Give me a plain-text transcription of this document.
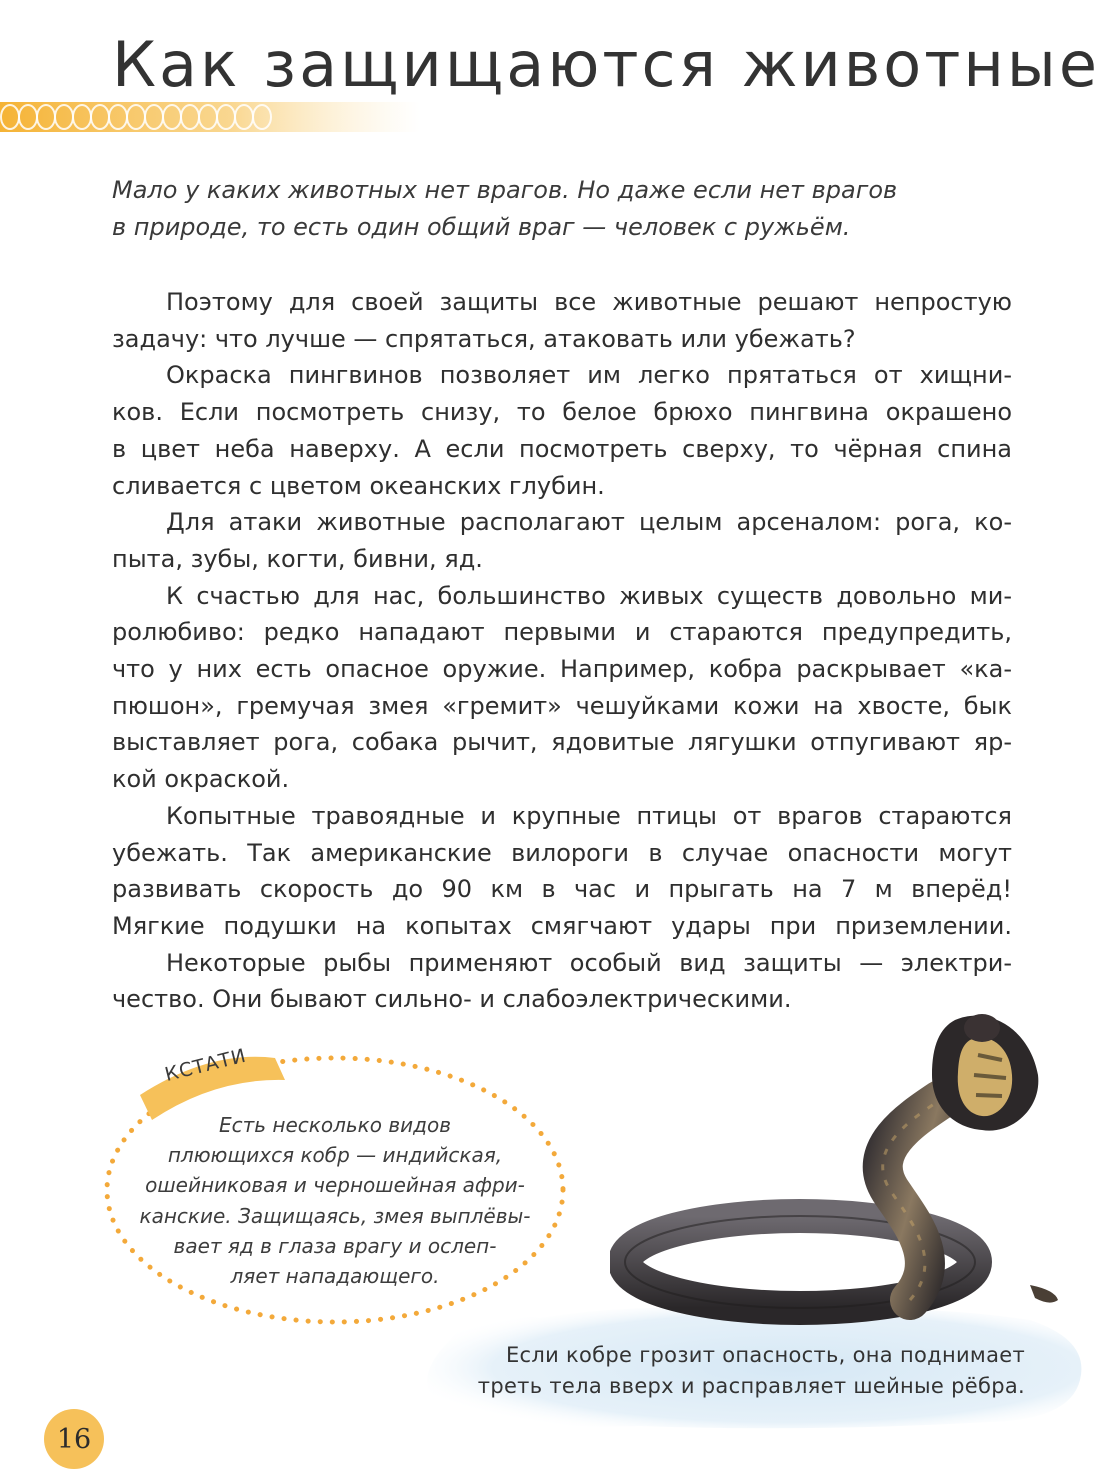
Как защищаются животные

Мало у каких животных нет врагов. Но даже если нет врагов
в природе, то есть один общий враг — человек с ружьём.

Поэтому для своей защиты все животные решают непростую
задачу: что лучше — спрятаться, атаковать или убежать?

Окраска пингвинов позволяет им легко прятаться от хищни-
ков. Если посмотреть снизу, то белое брюхо пингвина окрашено
в цвет неба наверху. А если посмотреть сверху, то чёрная спина
сливается с цветом океанских глубин.

Для атаки животные располагают целым арсеналом: рога, ко-
пыта, зубы, когти, бивни, яд.

К счастью для нас, большинство живых существ довольно ми-
ролюбиво: редко нападают первыми и стараются предупредить,
что у них есть опасное оружие. Например, кобра раскрывает «ка-
пюшон», гремучая змея «гремит» чешуйками кожи на хвосте, бык
выставляет рога, собака рычит, ядовитые лягушки отпугивают яр-
кой окраской.

Копытные травоядные и крупные птицы от врагов стараются
убежать. Так американские вилороги в случае опасности могут
развивать скорость до 90 км в час и прыгать на 7 м вперёд!
Мягкие подушки на копытах смягчают удары при приземлении.

Некоторые рыбы применяют особый вид защиты — электри-
чество. Они бывают сильно- и слабоэлектрическими.

КСТАТИ
Есть несколько видов
плюющихся кобр — индийская,
ошейниковая и черношейная афри-
канские. Защищаясь, змея выплёвы-
вает яд в глаза врагу и ослеп-
ляет нападающего.
Если кобре грозит опасность, она поднимает
треть тела вверх и расправляет шейные рёбра.
16
